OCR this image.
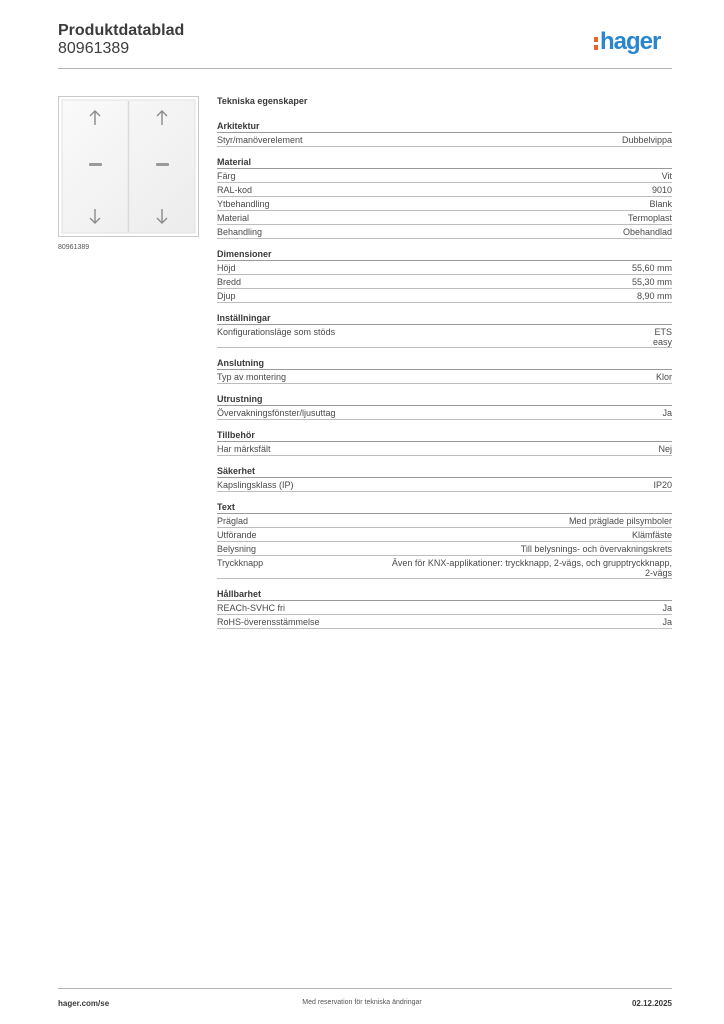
Produktdatablad
80961389	hager
80961389
Tekniska egenskaper
Arkitektur
Styr/manöverelement	Dubbelvippa
Material
Färg	Vit
RAL-kod	9010
Ytbehandling	Blank
Material	Termoplast
Behandling	Obehandlad
Dimensioner
Höjd	55,60 mm
Bredd	55,30 mm
Djup	8,90 mm
Inställningar
Konfigurationsläge som stöds	ETS
easy
Anslutning
Typ av montering	Klor
Utrustning
Övervakningsfönster/ljusuttag	Ja
Tillbehör
Har märksfält	Nej
Säkerhet
Kapslingsklass (IP)	IP20
Text
Präglad	Med präglade pilsymboler
Utförande	Klämfäste
Belysning	Till belysnings- och övervakningskrets
Tryckknapp	Även för KNX-applikationer: tryckknapp, 2-vägs, och grupptryckknapp,
2-vägs
Hållbarhet
REACh-SVHC fri	Ja
RoHS-överensstämmelse	Ja
hager.com/se	Med reservation för tekniska ändringar	02.12.2025
